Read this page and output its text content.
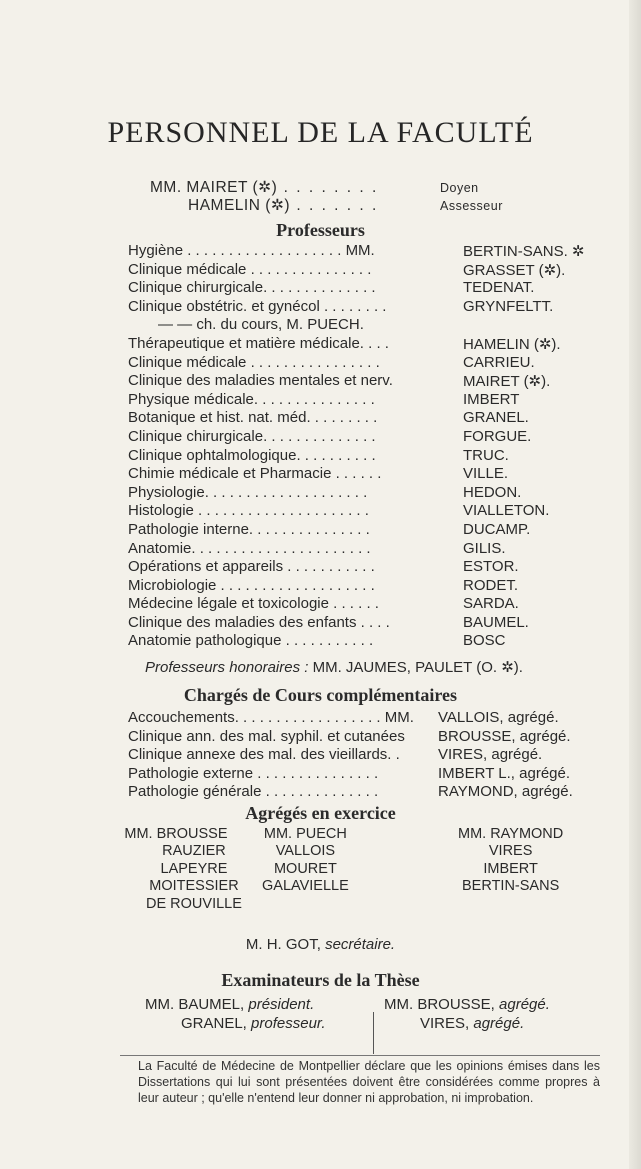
PERSONNEL DE LA FACULTÉ
MM. MAIRET (✲) . . . . . . . .	Doyen
HAMELIN (✲) . . . . . . .	Assesseur
Professeurs
Hygiène . . . . . . . . . . . . . . . . . . . MM.	BERTIN-SANS. ✲
Clinique médicale . . . . . . . . . . . . . . .	GRASSET (✲).
Clinique chirurgicale. . . . . . . . . . . . . .	TEDENAT.
Clinique obstétric. et gynécol . . . . . . . .	GRYNFELTT.
— — ch. du cours, M. PUECH.
Thérapeutique et matière médicale. . . .	HAMELIN (✲).
Clinique médicale . . . . . . . . . . . . . . . .	CARRIEU.
Clinique des maladies mentales et nerv.	MAIRET (✲).
Physique médicale. . . . . . . . . . . . . . .	IMBERT
Botanique et hist. nat. méd. . . . . . . . .	GRANEL.
Clinique chirurgicale. . . . . . . . . . . . . .	FORGUE.
Clinique ophtalmologique. . . . . . . . . .	TRUC.
Chimie médicale et Pharmacie . . . . . .	VILLE.
Physiologie. . . . . . . . . . . . . . . . . . . .	HEDON.
Histologie . . . . . . . . . . . . . . . . . . . . .	VIALLETON.
Pathologie interne. . . . . . . . . . . . . . .	DUCAMP.
Anatomie. . . . . . . . . . . . . . . . . . . . . .	GILIS.
Opérations et appareils . . . . . . . . . . .	ESTOR.
Microbiologie . . . . . . . . . . . . . . . . . . .	RODET.
Médecine légale et toxicologie . . . . . .	SARDA.
Clinique des maladies des enfants . . . .	BAUMEL.
Anatomie pathologique . . . . . . . . . . .	BOSC
Professeurs honoraires : MM. JAUMES, PAULET (O. ✲).
Chargés de Cours complémentaires
Accouchements. . . . . . . . . . . . . . . . . . MM. VALLOIS, agrégé.
Clinique ann. des mal. syphil. et cutanées BROUSSE, agrégé.
Clinique annexe des mal. des vieillards. .	VIRES, agrégé.
Pathologie externe . . . . . . . . . . . . . . .	IMBERT L., agrégé.
Pathologie générale . . . . . . . . . . . . . .	RAYMOND, agrégé.
Agrégés en exercice
MM. BROUSSE
RAUZIER
LAPEYRE
MOITESSIER
DE ROUVILLE
MM. PUECH
VALLOIS
MOURET
GALAVIELLE
MM. RAYMOND
VIRES
IMBERT
BERTIN-SANS
M. H. GOT, secrétaire.
Examinateurs de la Thèse
MM. BAUMEL, président.
GRANEL, professeur.
MM. BROUSSE, agrégé.
VIRES, agrégé.
La Faculté de Médecine de Montpellier déclare que les opinions émises dans les Dissertations qui lui sont présentées doivent être considérées comme propres à leur auteur ; qu'elle n'entend leur donner ni approbation, ni improbation.
